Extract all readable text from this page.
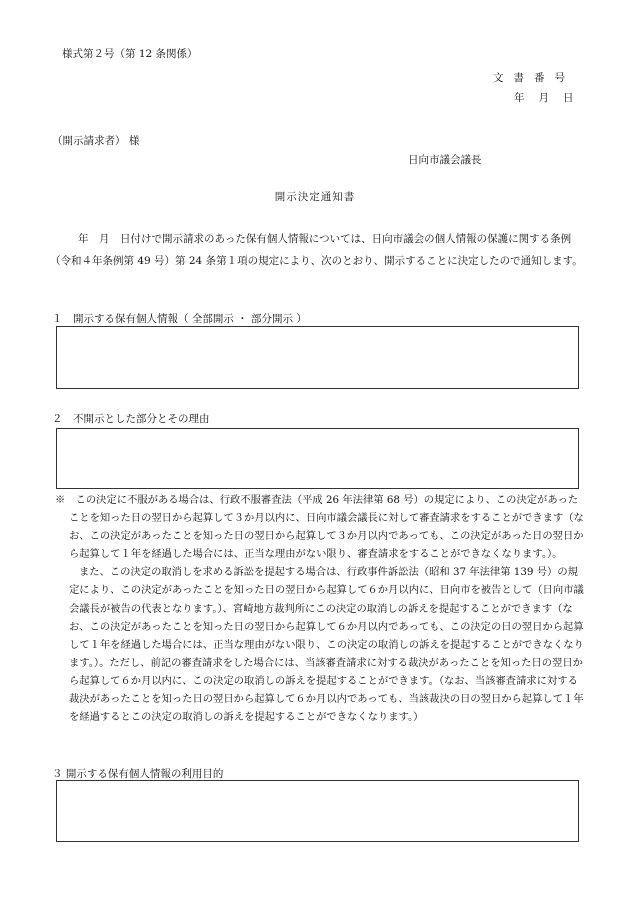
様式第２号（第 12 条関係）
文書番号
年月日
（開示請求者） 様
日向市議会議長
開示決定通知書

年　月　日付けで開示請求のあった保有個人情報については、日向市議会の個人情報の保護に関する条例（令和４年条例第 49 号）第 24 条第１項の規定により、次のとおり、開示することに決定したので通知します。

１　開示する保有個人情報（ 全部開示 ・ 部分開示 ）
２　不開示とした部分とその理由

※　この決定に不服がある場合は、行政不服審査法（平成 26 年法律第 68 号）の規定により、この決定があったことを知った日の翌日から起算して３か月以内に、日向市議会議長に対して審査請求をすることができます（なお、この決定があったことを知った日の翌日から起算して３か月以内であっても、この決定があった日の翌日から起算して１年を経過した場合には、正当な理由がない限り、審査請求をすることができなくなります。）。

また、この決定の取消しを求める訴訟を提起する場合は、行政事件訴訟法（昭和 37 年法律第 139 号）の規定により、この決定があったことを知った日の翌日から起算して６か月以内に、日向市を被告として（日向市議会議長が被告の代表となります。）、宮崎地方裁判所にこの決定の取消しの訴えを提起することができます（なお、この決定があったことを知った日の翌日から起算して６か月以内であっても、この決定の日の翌日から起算して１年を経過した場合には、正当な理由がない限り、この決定の取消しの訴えを提起することができなくなります。）。ただし、前記の審査請求をした場合には、当該審査請求に対する裁決があったことを知った日の翌日から起算して６か月以内に、この決定の取消しの訴えを提起することができます。（なお、当該審査請求に対する裁決があったことを知った日の翌日から起算して６か月以内であっても、当該裁決の日の翌日から起算して１年を経過するとこの決定の取消しの訴えを提起することができなくなります。）

３ 開示する保有個人情報の利用目的
